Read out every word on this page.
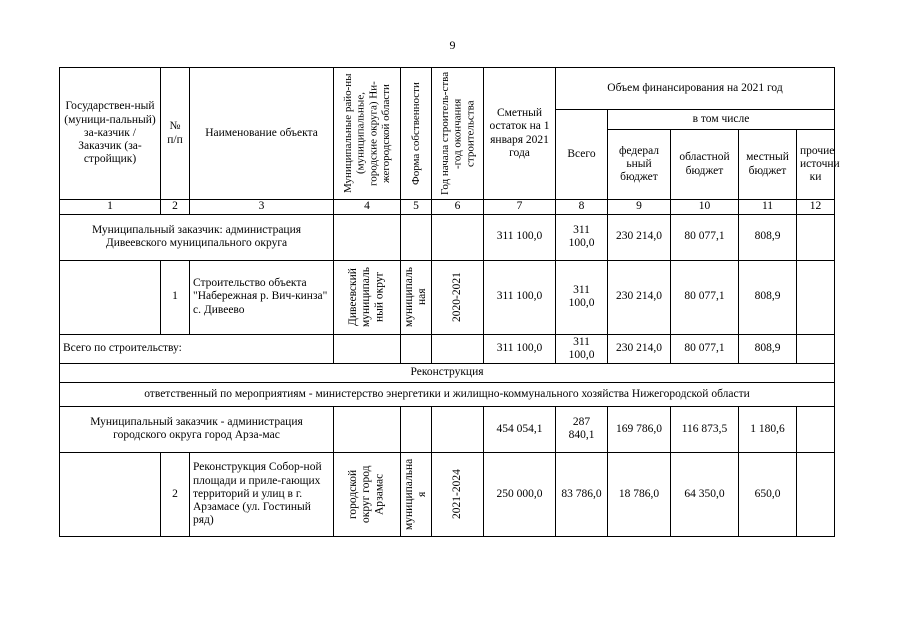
9
Государствен-ный (муници-пальный) за-казчик / Заказчик (за-стройщик)	№ п/п	Наименование объекта	Муниципальные райо-ны (муниципальные, городские округа) Ни-жегородской области	Форма собственности	Год начала строитель-ства -год окончания строительства	Сметный остаток на 1 января 2021 года	Объем финансирования на 2021 год				
							Всего	в том числе			
								федерал ьный бюджет	областной бюджет	местный бюджет	прочие источни ки
1	2	3	4	5	6	7	8	9	10	11	12
Муниципальный заказчик: администрация Дивеевского муниципального округа						311 100,0	311 100,0	230 214,0	80 077,1	808,9	
	1	Строительство объекта "Набережная р. Вич-кинза" с. Дивеево	Дивеевский муниципаль ный округ	муниципаль ная	2020-2021	311 100,0	311 100,0	230 214,0	80 077,1	808,9	
Всего по строительству:						311 100,0	311 100,0	230 214,0	80 077,1	808,9	
Реконструкция											
ответственный по мероприятиям - министерство энергетики и жилищно-коммунального хозяйства Нижегородской области											
Муниципальный заказчик - администрация городского округа город Арза-мас						454 054,1	287 840,1	169 786,0	116 873,5	1 180,6	
	2	Реконструкция Собор-ной площади и приле-гающих территорий и улиц в г. Арзамасе (ул. Гостиный ряд)	городской округ город Арзамас	муниципальна я	2021-2024	250 000,0	83 786,0	18 786,0	64 350,0	650,0	
